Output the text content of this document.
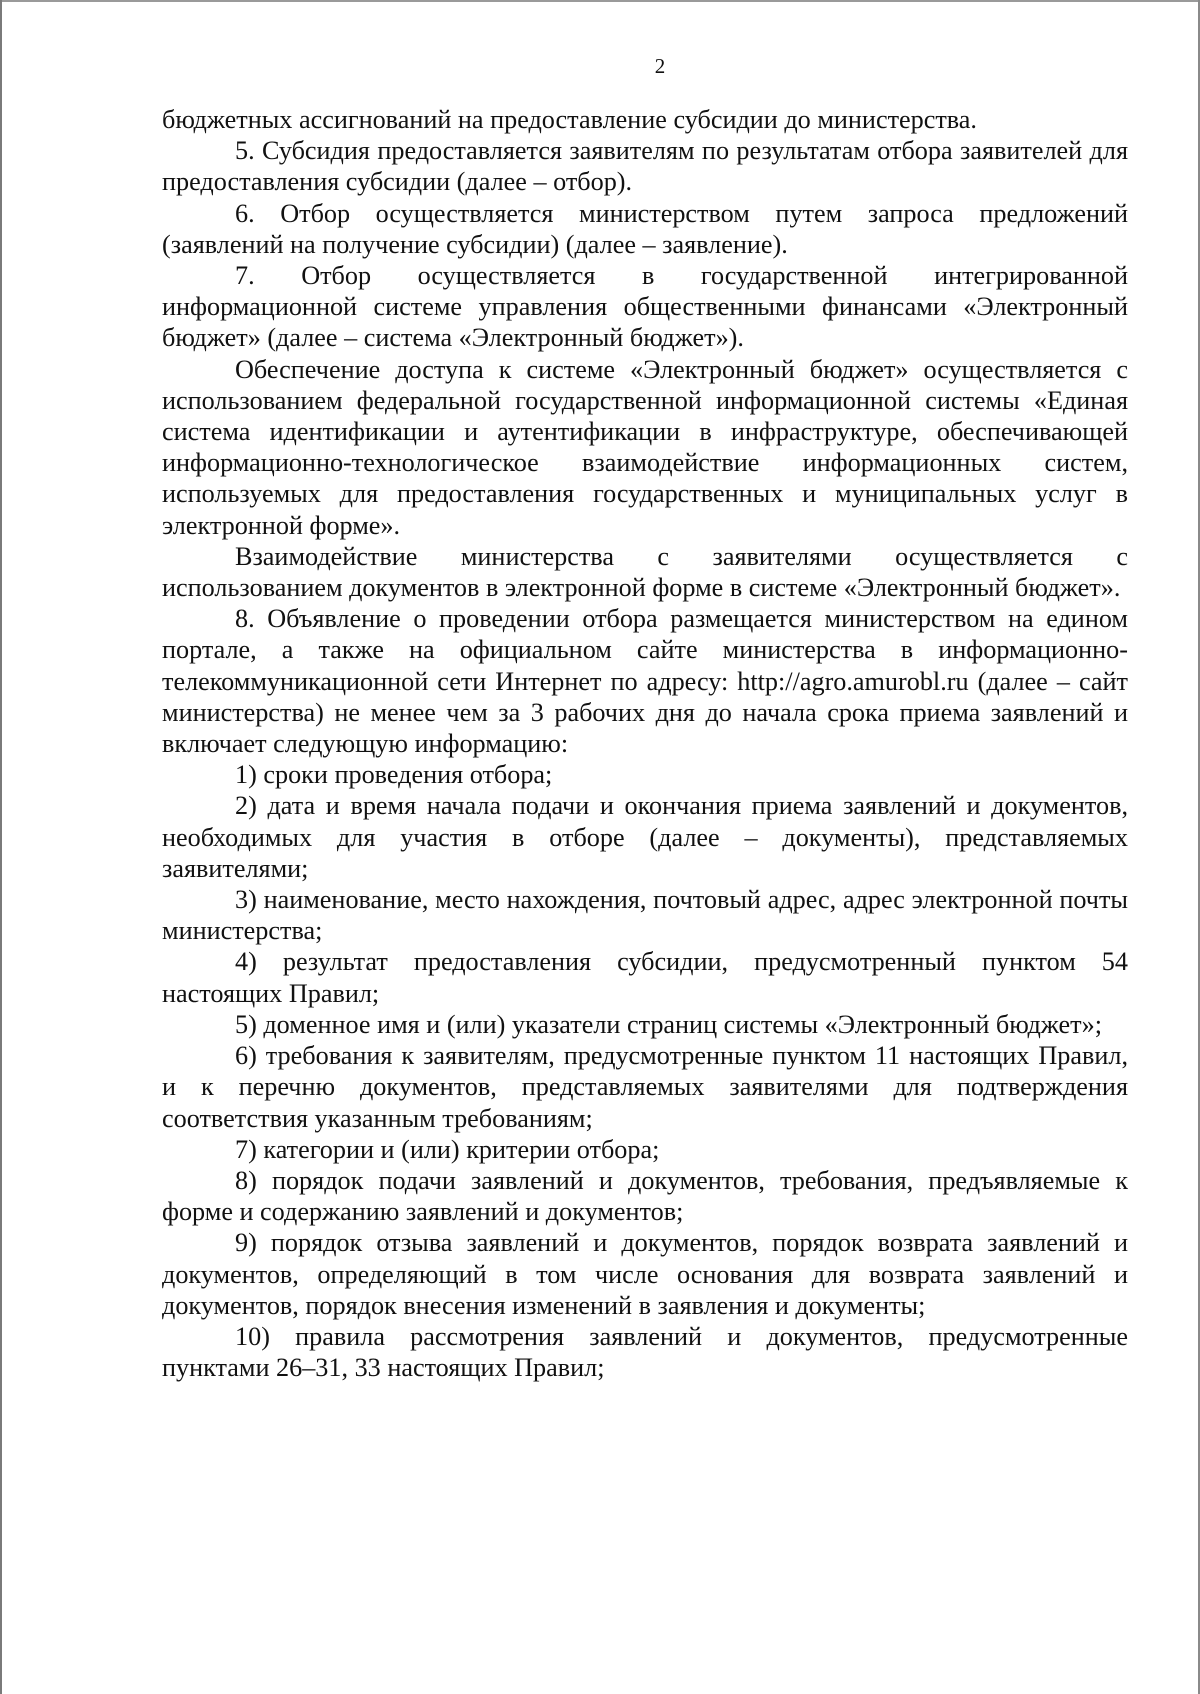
2

бюджетных ассигнований на предоставление субсидии до министерства.

5. Субсидия предоставляется заявителям по результатам отбора заявителей для предоставления субсидии (далее – отбор).

6. Отбор осуществляется министерством путем запроса предложений (заявлений на получение субсидии) (далее – заявление).

7. Отбор осуществляется в государственной интегрированной информационной системе управления общественными финансами «Электронный бюджет» (далее – система «Электронный бюджет»).

Обеспечение доступа к системе «Электронный бюджет» осуществляется с использованием федеральной государственной информационной системы «Единая система идентификации и аутентификации в инфраструктуре, обеспечивающей информационно-технологическое взаимодействие информационных систем, используемых для предоставления государственных и муниципальных услуг в электронной форме».

Взаимодействие министерства с заявителями осуществляется с использованием документов в электронной форме в системе «Электронный бюджет».

8. Объявление о проведении отбора размещается министерством на едином портале, а также на официальном сайте министерства в информационно-телекоммуникационной сети Интернет по адресу: http://agro.amurobl.ru (далее – сайт министерства) не менее чем за 3 рабочих дня до начала срока приема заявлений и включает следующую информацию:

1) сроки проведения отбора;

2) дата и время начала подачи и окончания приема заявлений и документов, необходимых для участия в отборе (далее – документы), представляемых заявителями;

3) наименование, место нахождения, почтовый адрес, адрес электронной почты министерства;

4) результат предоставления субсидии, предусмотренный пунктом 54 настоящих Правил;

5) доменное имя и (или) указатели страниц системы «Электронный бюджет»;

6) требования к заявителям, предусмотренные пунктом 11 настоящих Правил, и к перечню документов, представляемых заявителями для подтверждения соответствия указанным требованиям;

7) категории и (или) критерии отбора;

8) порядок подачи заявлений и документов, требования, предъявляемые к форме и содержанию заявлений и документов;

9) порядок отзыва заявлений и документов, порядок возврата заявлений и документов, определяющий в том числе основания для возврата заявлений и документов, порядок внесения изменений в заявления и документы;

10) правила рассмотрения заявлений и документов, предусмотренные пунктами 26–31, 33 настоящих Правил;
